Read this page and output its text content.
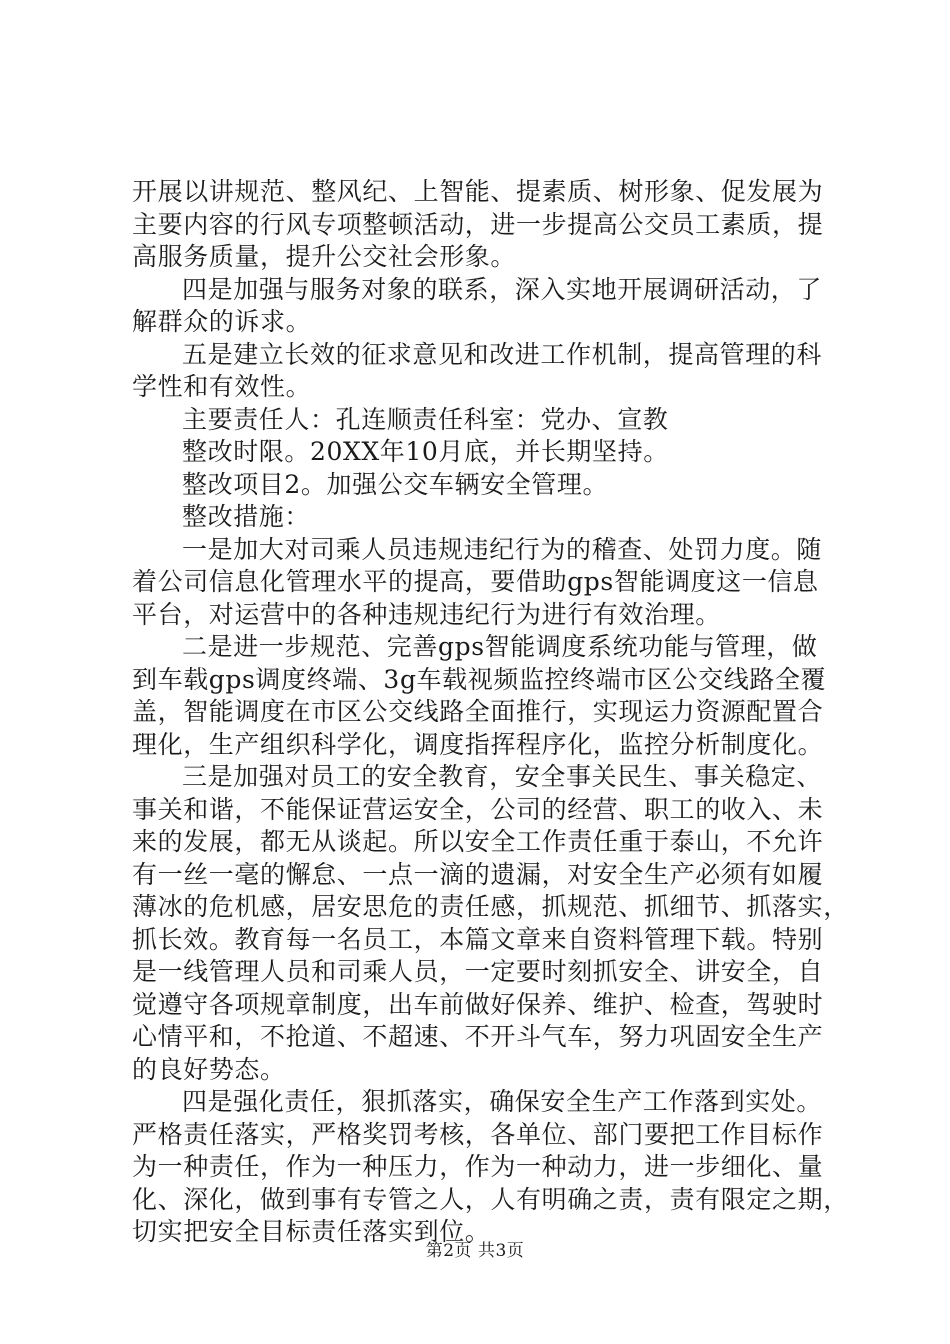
开展以讲规范、整风纪、上智能、提素质、树形象、促发展为
主要内容的行风专项整顿活动，进一步提高公交员工素质，提
高服务质量，提升公交社会形象。

四是加强与服务对象的联系，深入实地开展调研活动，了
解群众的诉求。

五是建立长效的征求意见和改进工作机制，提高管理的科
学性和有效性。

主要责任人：孔连顺责任科室：党办、宣教

整改时限。20XX年10月底，并长期坚持。

整改项目2。加强公交车辆安全管理。

整改措施：

一是加大对司乘人员违规违纪行为的稽查、处罚力度。随
着公司信息化管理水平的提高，要借助gps智能调度这一信息
平台，对运营中的各种违规违纪行为进行有效治理。

二是进一步规范、完善gps智能调度系统功能与管理，做
到车载gps调度终端、3g车载视频监控终端市区公交线路全覆
盖，智能调度在市区公交线路全面推行，实现运力资源配置合
理化，生产组织科学化，调度指挥程序化，监控分析制度化。

三是加强对员工的安全教育，安全事关民生、事关稳定、
事关和谐，不能保证营运安全，公司的经营、职工的收入、未
来的发展，都无从谈起。所以安全工作责任重于泰山，不允许
有一丝一毫的懈怠、一点一滴的遗漏，对安全生产必须有如履
薄冰的危机感，居安思危的责任感，抓规范、抓细节、抓落实，
抓长效。教育每一名员工，本篇文章来自资料管理下载。特别
是一线管理人员和司乘人员，一定要时刻抓安全、讲安全，自
觉遵守各项规章制度，出车前做好保养、维护、检查，驾驶时
心情平和，不抢道、不超速、不开斗气车，努力巩固安全生产
的良好势态。

四是强化责任，狠抓落实，确保安全生产工作落到实处。
严格责任落实，严格奖罚考核，各单位、部门要把工作目标作
为一种责任，作为一种压力，作为一种动力，进一步细化、量
化、深化，做到事有专管之人，人有明确之责，责有限定之期，
切实把安全目标责任落实到位。

第2页 共3页
